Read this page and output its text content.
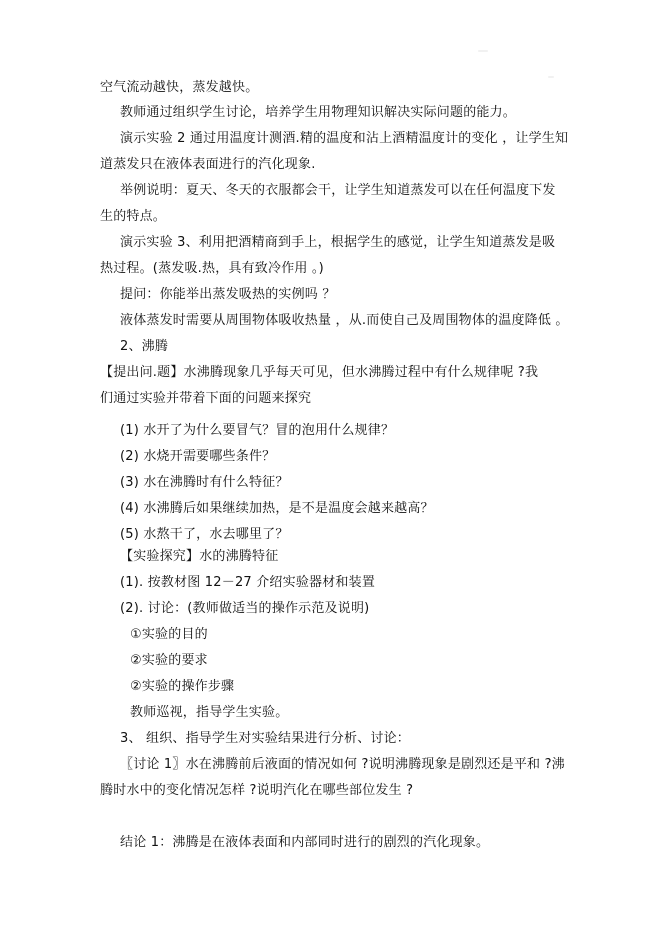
空气流动越快，蒸发越快。
教师通过组织学生讨论，培养学生用物理知识解决实际问题的能力。
演示实验 2 通过用温度计测酒.精的温度和沾上酒精温度计的变化 ，让学生知
道蒸发只在液体表面进行的汽化现象.
举例说明：夏天、冬天的衣服都会干，让学生知道蒸发可以在任何温度下发
生的特点。
演示实验 3、利用把酒精商到手上，根据学生的感觉，让学生知道蒸发是吸
热过程。(蒸发吸.热，具有致冷作用 。)
提问：你能举出蒸发吸热的实例吗 ？
液体蒸发时需要从周围物体吸收热量 ，从.而使自己及周围物体的温度降低 。
2、沸腾
【提出问.题】水沸腾现象几乎每天可见，但水沸腾过程中有什么规律呢 ?我
们通过实验并带着下面的问题来探究
(1) 水开了为什么要冒气？冒的泡用什么规律？
(2) 水烧开需要哪些条件？
(3) 水在沸腾时有什么特征？
(4) 水沸腾后如果继续加热，是不是温度会越来越高？
(5) 水熬干了，水去哪里了？
【实验探究】水的沸腾特征
(1). 按教材图 12－27 介绍实验器材和装置
(2). 讨论：(教师做适当的操作示范及说明)
①实验的目的
②实验的要求
②实验的操作步骤
教师巡视，指导学生实验。
3、 组织、指导学生对实验结果进行分析、讨论：
〖讨论 1〗水在沸腾前后液面的情况如何 ?说明沸腾现象是剧烈还是平和 ?沸
腾时水中的变化情况怎样 ?说明汽化在哪些部位发生 ?
结论 1：沸腾是在液体表面和内部同时进行的剧烈的汽化现象。
